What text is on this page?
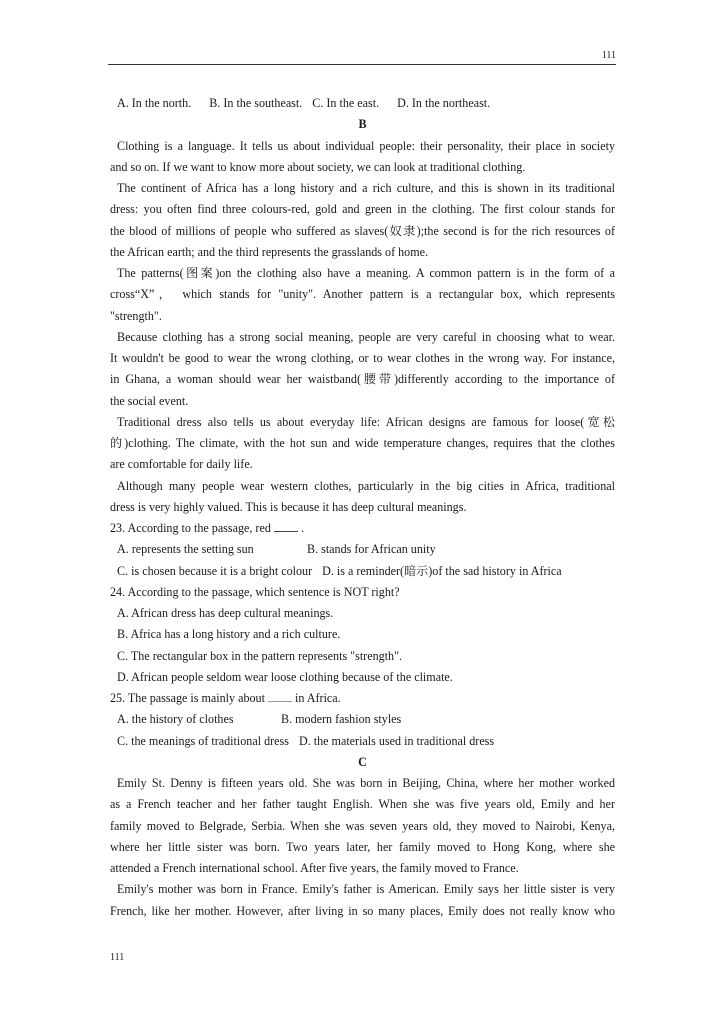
111
A. In the north. B. In the southeast. C. In the east. D. In the northeast.
B
Clothing is a language. It tells us about individual people: their personality, their place in society
and so on. If we want to know more about society, we can look at traditional clothing.
The continent of Africa has a long history and a rich culture, and this is shown in its traditional
dress: you often find three colours-red, gold and green in the clothing. The first colour stands for
the blood of millions of people who suffered as slaves(奴隶);the second is for the rich resources of
the African earth; and the third represents the grasslands of home.
The patterns(图案)on the clothing also have a meaning. A common pattern is in the form of a
cross“X”， which stands for "unity". Another pattern is a rectangular box, which represents
"strength".
Because clothing has a strong social meaning, people are very careful in choosing what to wear.
It wouldn't be good to wear the wrong clothing, or to wear clothes in the wrong way. For instance,
in Ghana, a woman should wear her waistband(腰带)differently according to the importance of
the social event.
Traditional dress also tells us about everyday life: African designs are famous for loose(宽松
的)clothing. The climate, with the hot sun and wide temperature changes, requires that the clothes
are comfortable for daily life.
Although many people wear western clothes, particularly in the big cities in Africa, traditional
dress is very highly valued. This is because it has deep cultural meanings.
23. According to the passage, red .
A. represents the setting sun	B. stands for African unity
C. is chosen because it is a bright colour D. is a reminder(暗示)of the sad history in Africa
24. According to the passage, which sentence is NOT right?
A. African dress has deep cultural meanings.
B. Africa has a long history and a rich culture.
C. The rectangular box in the pattern represents "strength".
D. African people seldom wear loose clothing because of the climate.
25. The passage is mainly about in Africa.
A. the history of clothes	B. modern fashion styles
C. the meanings of traditional dress D. the materials used in traditional dress
C
Emily St. Denny is fifteen years old. She was born in Beijing, China, where her mother worked
as a French teacher and her father taught English. When she was five years old, Emily and her
family moved to Belgrade, Serbia. When she was seven years old, they moved to Nairobi, Kenya,
where her little sister was born. Two years later, her family moved to Hong Kong, where she
attended a French international school. After five years, the family moved to France.
Emily's mother was born in France. Emily's father is American. Emily says her little sister is very
French, like her mother. However, after living in so many places, Emily does not really know who
111
